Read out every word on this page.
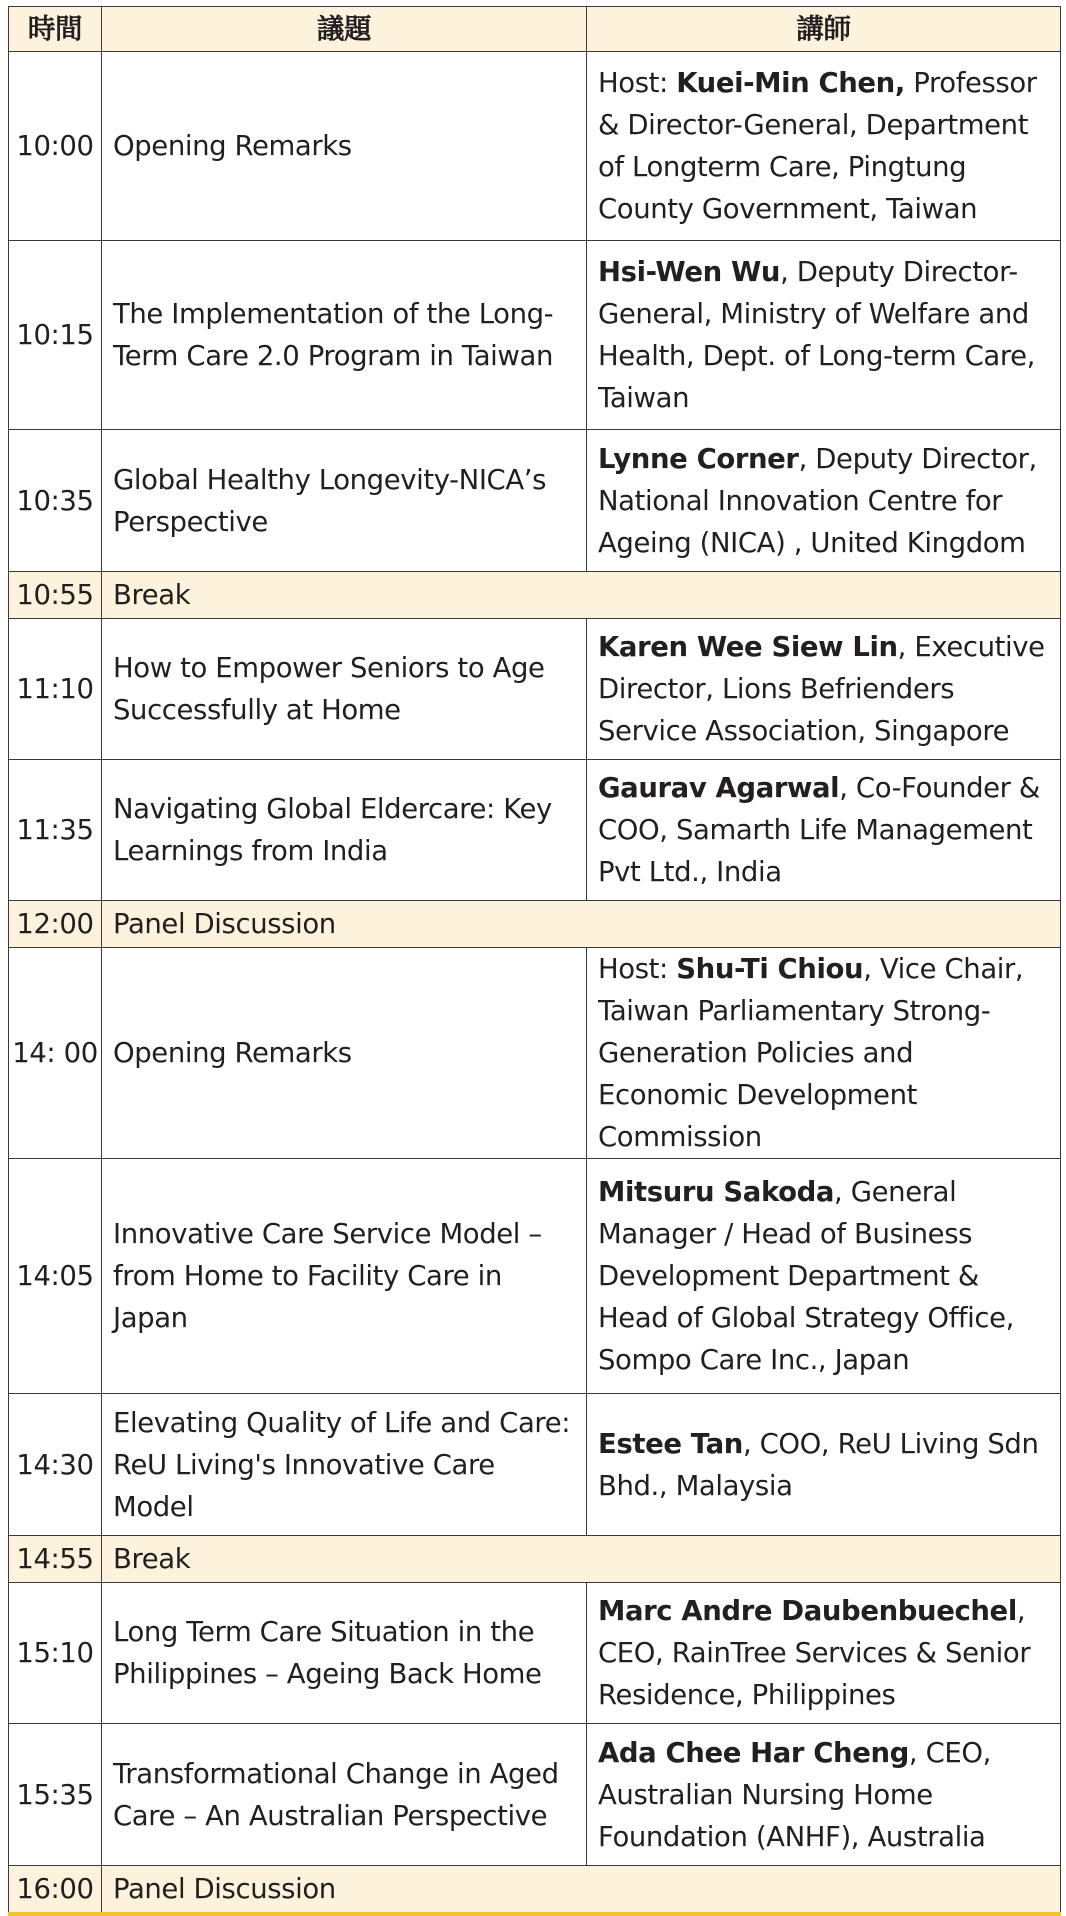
時間	議題	講師
10:00	Opening Remarks	Host: Kuei-Min Chen, Professor & Director-General, Department of Longterm Care, Pingtung County Government, Taiwan
10:15	The Implementation of the Long-Term Care 2.0 Program in Taiwan	Hsi-Wen Wu, Deputy Director-General, Ministry of Welfare and Health, Dept. of Long-term Care, Taiwan
10:35	Global Healthy Longevity-NICA’s Perspective	Lynne Corner, Deputy Director, National Innovation Centre for Ageing (NICA) , United Kingdom
10:55	Break	
11:10	How to Empower Seniors to Age Successfully at Home	Karen Wee Siew Lin, Executive Director, Lions Befrienders Service Association, Singapore
11:35	Navigating Global Eldercare: Key Learnings from India	Gaurav Agarwal, Co-Founder & COO, Samarth Life Management Pvt Ltd., India
12:00	Panel Discussion	
14: 00	Opening Remarks	Host: Shu-Ti Chiou, Vice Chair, Taiwan Parliamentary Strong-Generation Policies and Economic Development Commission
14:05	Innovative Care Service Model – from Home to Facility Care in Japan	Mitsuru Sakoda, General Manager / Head of Business Development Department & Head of Global Strategy Office, Sompo Care Inc., Japan
14:30	Elevating Quality of Life and Care: ReU Living's Innovative Care Model	Estee Tan, COO, ReU Living Sdn Bhd., Malaysia
14:55	Break	
15:10	Long Term Care Situation in the Philippines – Ageing Back Home	Marc Andre Daubenbuechel, CEO, RainTree Services & Senior Residence, Philippines
15:35	Transformational Change in Aged Care – An Australian Perspective	Ada Chee Har Cheng, CEO, Australian Nursing Home Foundation (ANHF), Australia
16:00	Panel Discussion	
